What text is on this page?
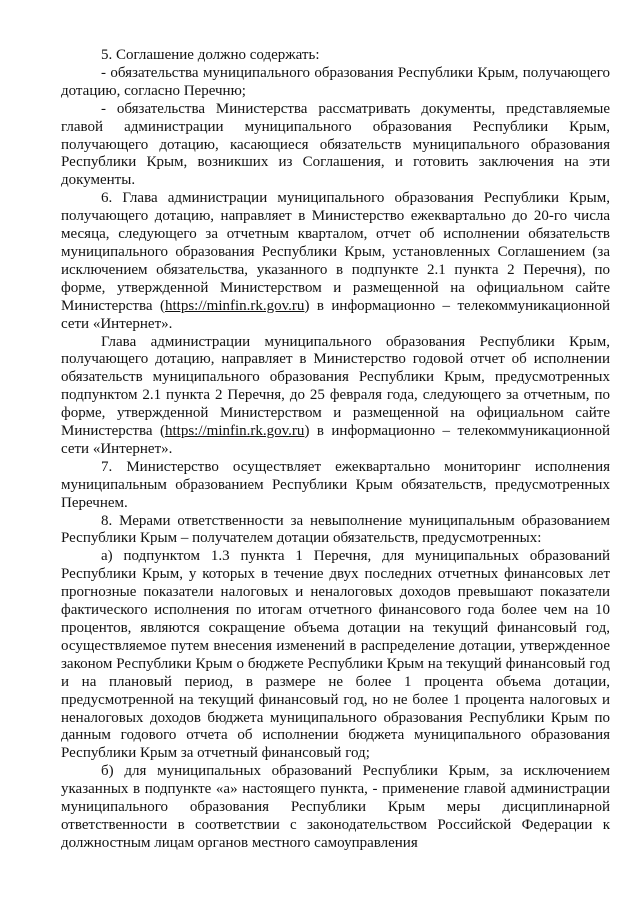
5. Соглашение должно содержать:

- обязательства муниципального образования Республики Крым, получающего дотацию, согласно Перечню;

- обязательства Министерства рассматривать документы, представляемые главой администрации муниципального образования Республики Крым, получающего дотацию, касающиеся обязательств муниципального образования Республики Крым, возникших из Соглашения, и готовить заключения на эти документы.

6. Глава администрации муниципального образования Республики Крым, получающего дотацию, направляет в Министерство ежеквартально до 20-го числа месяца, следующего за отчетным кварталом, отчет об исполнении обязательств муниципального образования Республики Крым, установленных Соглашением (за исключением обязательства, указанного в подпункте 2.1 пункта 2 Перечня), по форме, утвержденной Министерством и размещенной на официальном сайте Министерства (https://minfin.rk.gov.ru) в информационно – телекоммуникационной сети «Интернет».

Глава администрации муниципального образования Республики Крым, получающего дотацию, направляет в Министерство годовой отчет об исполнении обязательств муниципального образования Республики Крым, предусмотренных подпунктом 2.1 пункта 2 Перечня, до 25 февраля года, следующего за отчетным, по форме, утвержденной Министерством и размещенной на официальном сайте Министерства (https://minfin.rk.gov.ru) в информационно – телекоммуникационной сети «Интернет».

7. Министерство осуществляет ежеквартально мониторинг исполнения муниципальным образованием Республики Крым обязательств, предусмотренных Перечнем.

8. Мерами ответственности за невыполнение муниципальным образованием Республики Крым – получателем дотации обязательств, предусмотренных:

а) подпунктом 1.3 пункта 1 Перечня, для муниципальных образований Республики Крым, у которых в течение двух последних отчетных финансовых лет прогнозные показатели налоговых и неналоговых доходов превышают показатели фактического исполнения по итогам отчетного финансового года более чем на 10 процентов, являются сокращение объема дотации на текущий финансовый год, осуществляемое путем внесения изменений в распределение дотации, утвержденное законом Республики Крым о бюджете Республики Крым на текущий финансовый год и на плановый период, в размере не более 1 процента объема дотации, предусмотренной на текущий финансовый год, но не более 1 процента налоговых и неналоговых доходов бюджета муниципального образования Республики Крым по данным годового отчета об исполнении бюджета муниципального образования Республики Крым за отчетный финансовый год;

б) для муниципальных образований Республики Крым, за исключением указанных в подпункте «а» настоящего пункта, - применение главой администрации муниципального образования Республики Крым меры дисциплинарной ответственности в соответствии с законодательством Российской Федерации к должностным лицам органов местного самоуправления
